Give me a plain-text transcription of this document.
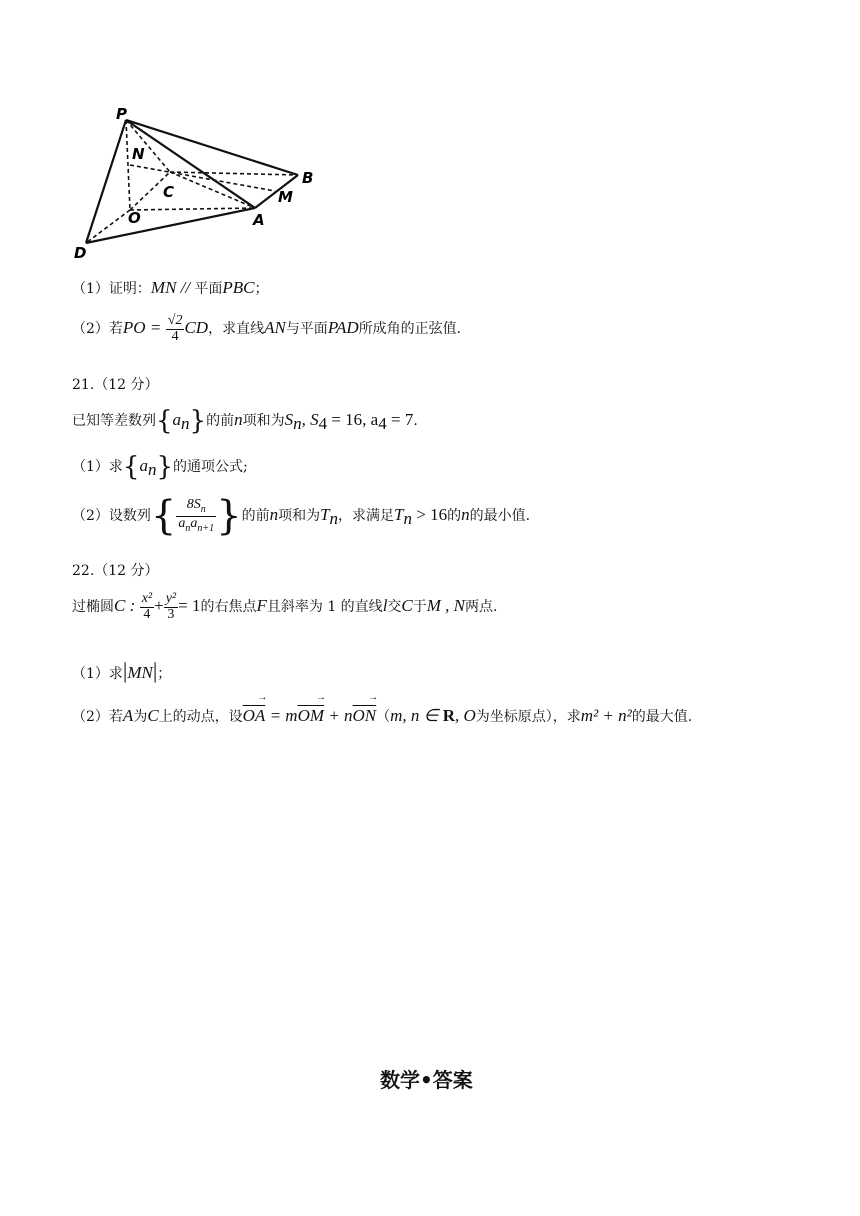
P
N
C
B
M
O	A
D
（1）证明：MN // 平面PBC；
（2）若PO = $\frac{√2}{4}$ CD，求直线AN与平面PAD所成角的正弦值.
21.（12 分）
已知等差数列$\{a_n\}$的前n项和为$S_n$, $S_4 = 16$, $a_4 = 7$.
（1）求$\{a_n\}$的通项公式;
（2）设数列{ $\frac{8S_n}{a_na_{n+1}}$ }的前n项和为$T_n$，求满足$T_n > 16$的n的最小值.
22.（12 分）
过椭圆C : $\frac{\text{x²}}{4} + \frac{\text{y²}}{3} = 1$的右焦点F且斜率为 1 的直线l交C于M , N两点.
（1）求|MN|；
（2）若A为C上的动点，设$\overline{OA}$ → = $m\overline{OM}$ → + $n\overline{ON} \to(m$, n ∈ R, O为坐标原点），求m² + n²的最大值.
数学•答案
